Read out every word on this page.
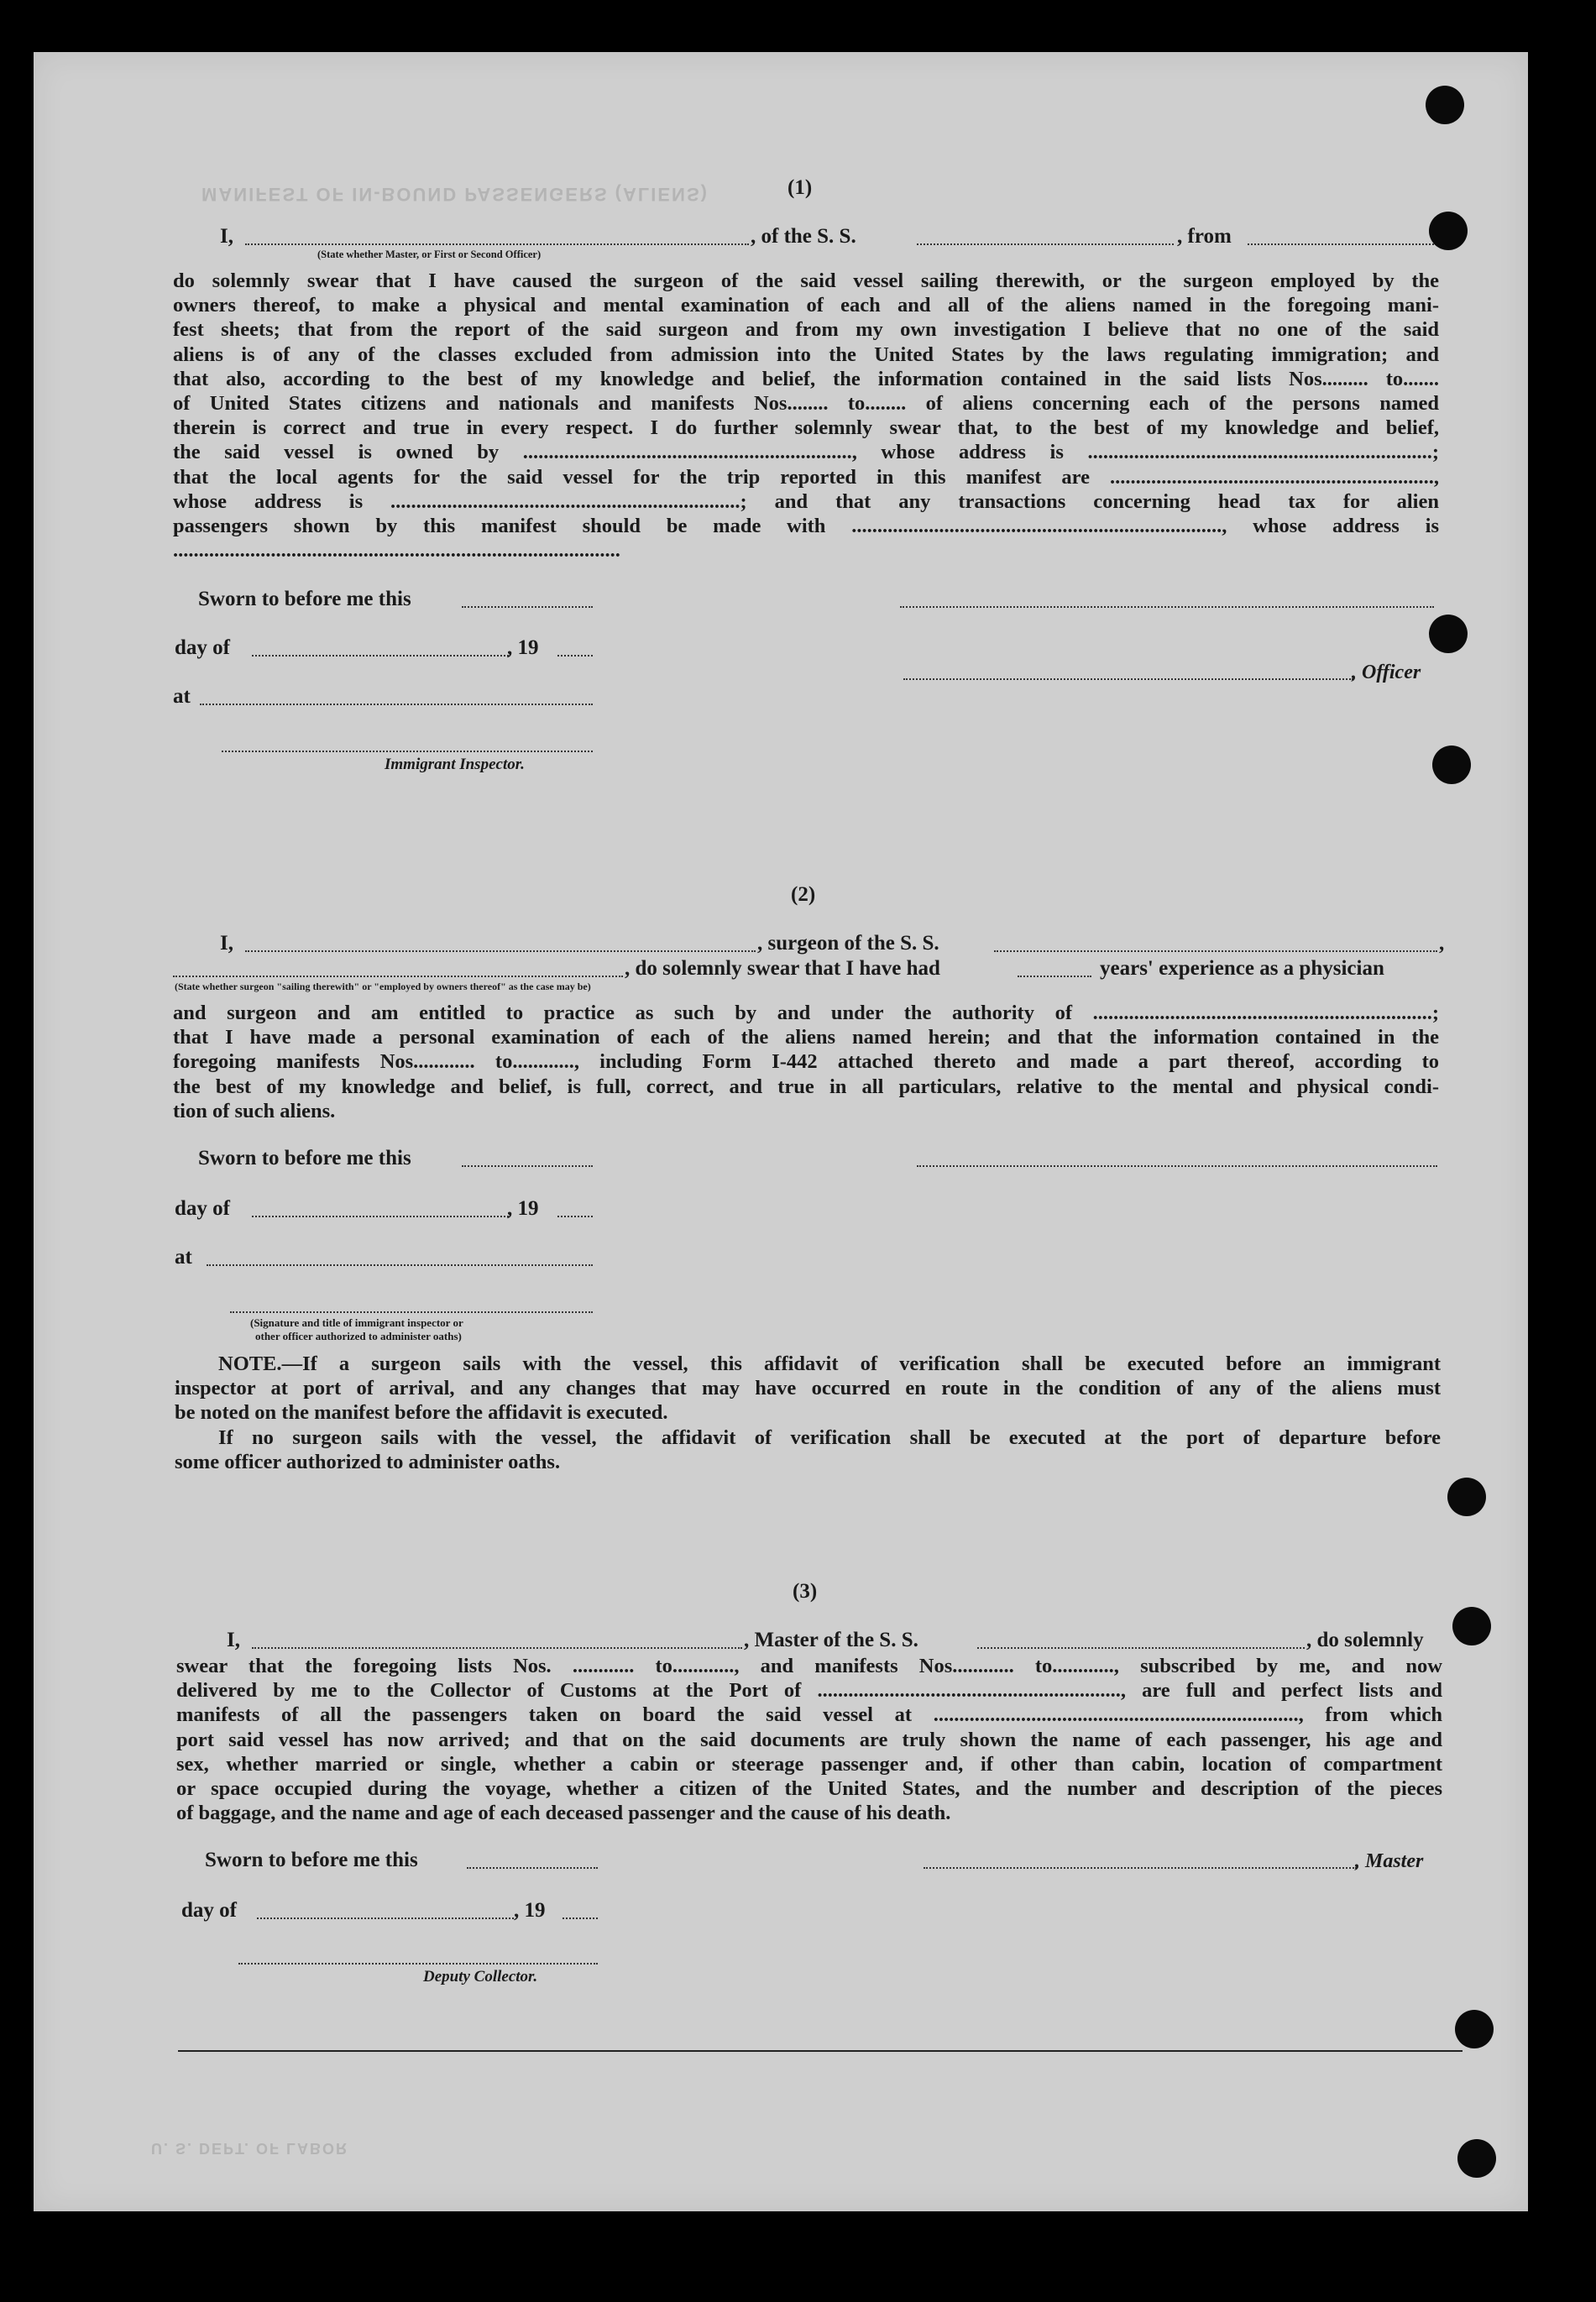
MANIFEST OF IN-BOUND PASSENGERS (ALIENS)
U. S. DEPT. OF LABOR
(1)
I,	, of the S. S.	, from
(State whether Master, or First or Second Officer)

do solemnly swear that I have caused the surgeon of the said vessel sailing therewith, or the surgeon employed by the

owners thereof, to make a physical and mental examination of each and all of the aliens named in the foregoing mani-

fest sheets; that from the report of the said surgeon and from my own investigation I believe that no one of the said

aliens is of any of the classes excluded from admission into the United States by the laws regulating immigration; and

that also, according to the best of my knowledge and belief, the information contained in the said lists Nos......... to.......

of United States citizens and nationals and manifests Nos........ to........ of aliens concerning each of the persons named

therein is correct and true in every respect. I do further solemnly swear that, to the best of my knowledge and belief,

the said vessel is owned by ................................................................, whose address is ...................................................................;

that the local agents for the said vessel for the trip reported in this manifest are ...............................................................,

whose address is ....................................................................; and that any transactions concerning head tax for alien

passengers shown by this manifest should be made with ........................................................................, whose address is

.......................................................................................

Sworn to before me this
day of	, 19
, Officer
at
Immigrant Inspector.
(2)
I,	, surgeon of the S. S.	,
, do solemnly swear that I have had	years' experience as a physician
(State whether surgeon "sailing therewith" or "employed by owners thereof" as the case may be)

and surgeon and am entitled to practice as such by and under the authority of ..................................................................;

that I have made a personal examination of each of the aliens named herein; and that the information contained in the

foregoing manifests Nos............ to............, including Form I-442 attached thereto and made a part thereof, according to

the best of my knowledge and belief, is full, correct, and true in all particulars, relative to the mental and physical condi-

tion of such aliens.

Sworn to before me this
day of	, 19
at
(Signature and title of immigrant inspector or
other officer authorized to administer oaths)

NOTE.—If a surgeon sails with the vessel, this affidavit of verification shall be executed before an immigrant

inspector at port of arrival, and any changes that may have occurred en route in the condition of any of the aliens must

be noted on the manifest before the affidavit is executed.

If no surgeon sails with the vessel, the affidavit of verification shall be executed at the port of departure before

some officer authorized to administer oaths.

(3)
I,	, Master of the S. S.	, do solemnly

swear that the foregoing lists Nos. ............ to............, and manifests Nos............ to............, subscribed by me, and now

delivered by me to the Collector of Customs at the Port of ..........................................................., are full and perfect lists and

manifests of all the passengers taken on board the said vessel at ......................................................................., from which

port said vessel has now arrived; and that on the said documents are truly shown the name of each passenger, his age and

sex, whether married or single, whether a cabin or steerage passenger and, if other than cabin, location of compartment

or space occupied during the voyage, whether a citizen of the United States, and the number and description of the pieces

of baggage, and the name and age of each deceased passenger and the cause of his death.

Sworn to before me this	, Master
day of	, 19
Deputy Collector.
